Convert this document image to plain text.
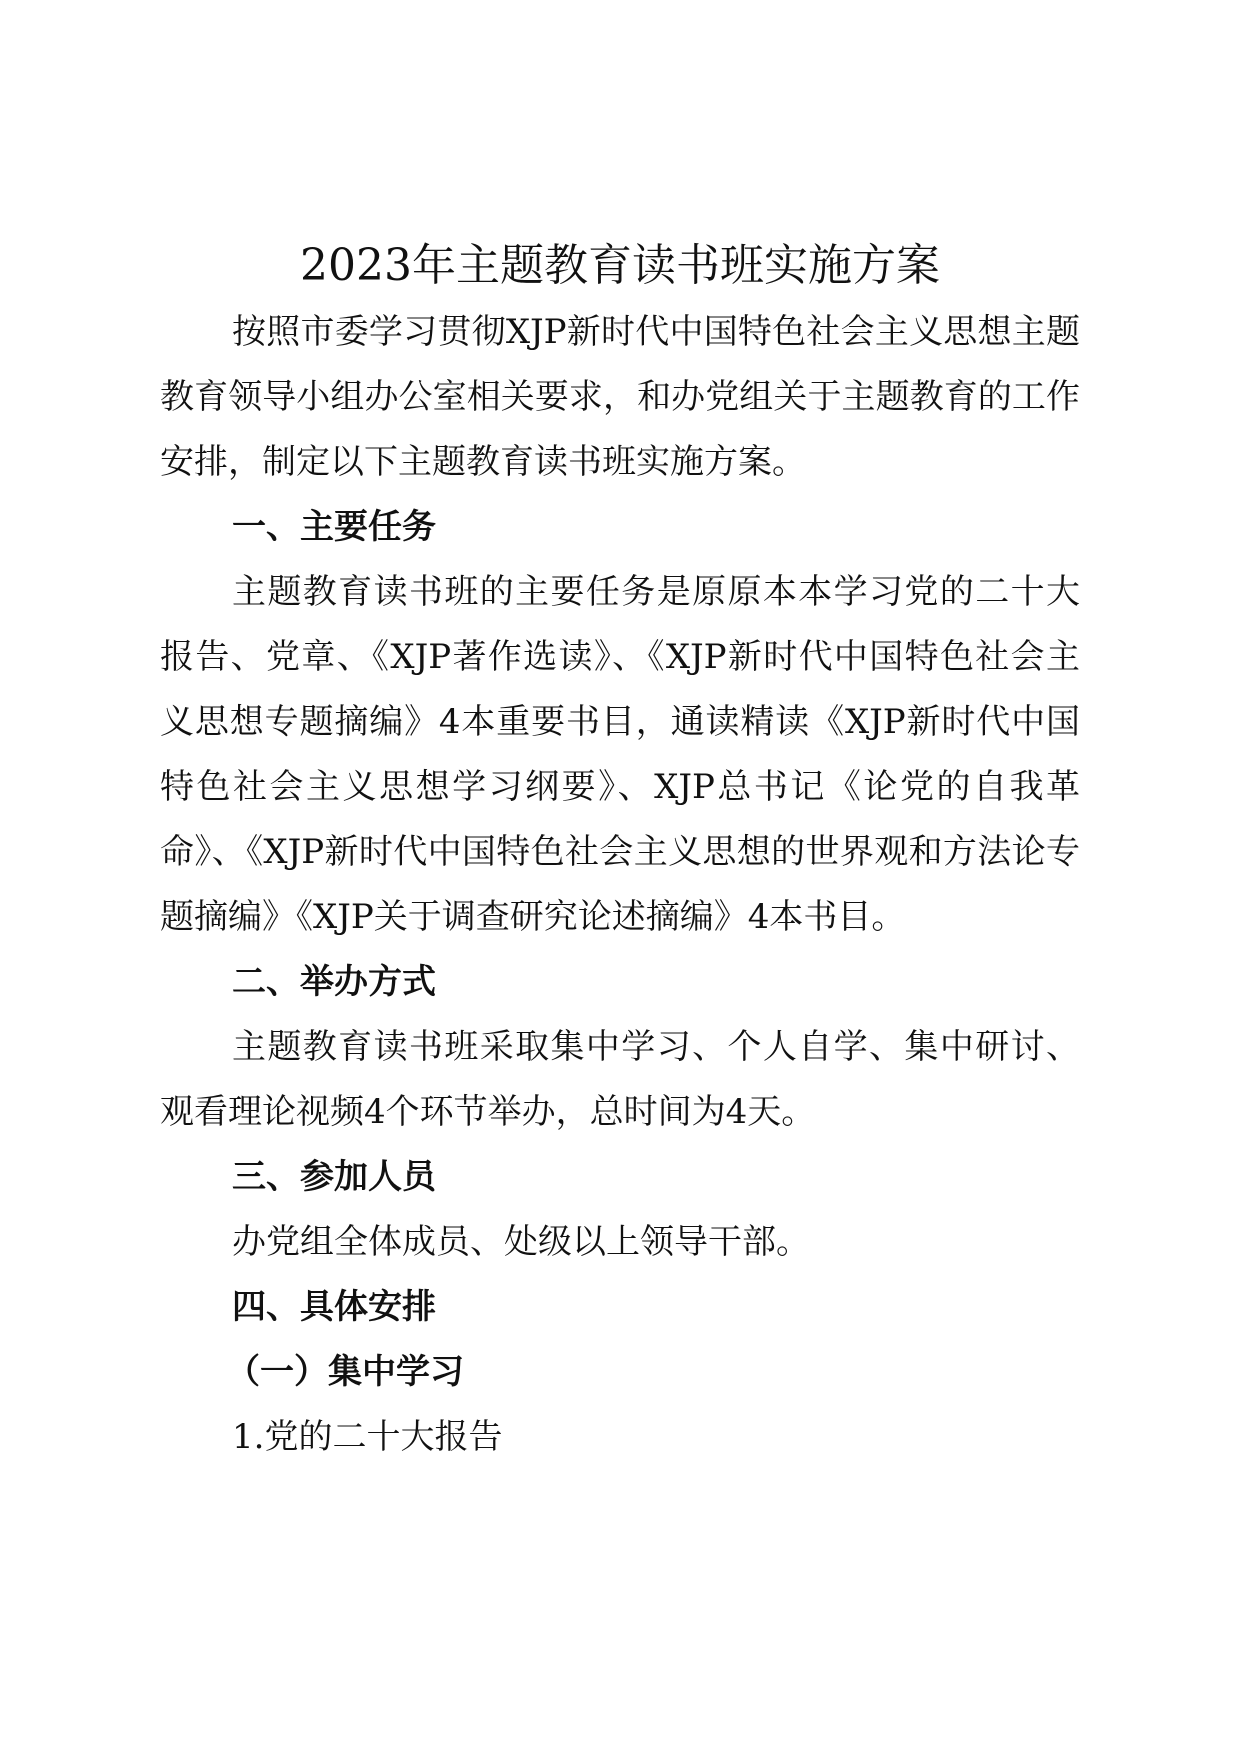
2023年主题教育读书班实施方案

按照市委学习贯彻XJP新时代中国特色社会主义思想主题教育领导小组办公室相关要求，和办党组关于主题教育的工作安排，制定以下主题教育读书班实施方案。

一、主要任务

主题教育读书班的主要任务是原原本本学习党的二十大报告、党章、《XJP著作选读》、《XJP新时代中国特色社会主义思想专题摘编》4本重要书目，通读精读《XJP新时代中国特色社会主义思想学习纲要》、XJP总书记《论党的自我革命》、《XJP新时代中国特色社会主义思想的世界观和方法论专题摘编》《XJP关于调查研究论述摘编》4本书目。

二、举办方式

主题教育读书班采取集中学习、个人自学、集中研讨、观看理论视频4个环节举办，总时间为4天。

三、参加人员

办党组全体成员、处级以上领导干部。

四、具体安排

（一）集中学习

1.党的二十大报告
